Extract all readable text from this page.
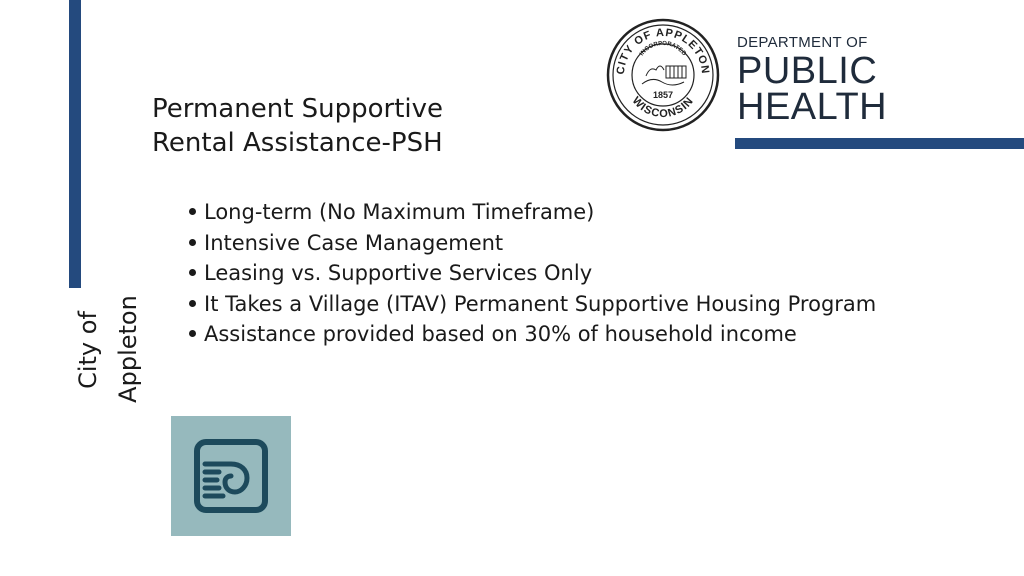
City of Appleton
Permanent Supportive
Rental Assistance-PSH
Long-term (No Maximum Timeframe)
Intensive Case Management
Leasing vs. Supportive Services Only
It Takes a Village (ITAV) Permanent Supportive Housing Program
Assistance provided based on 30% of household income
CITY OF APPLETON
INCORPORATED
WISCONSIN
1857
DEPARTMENT OF
PUBLIC
HEALTH
